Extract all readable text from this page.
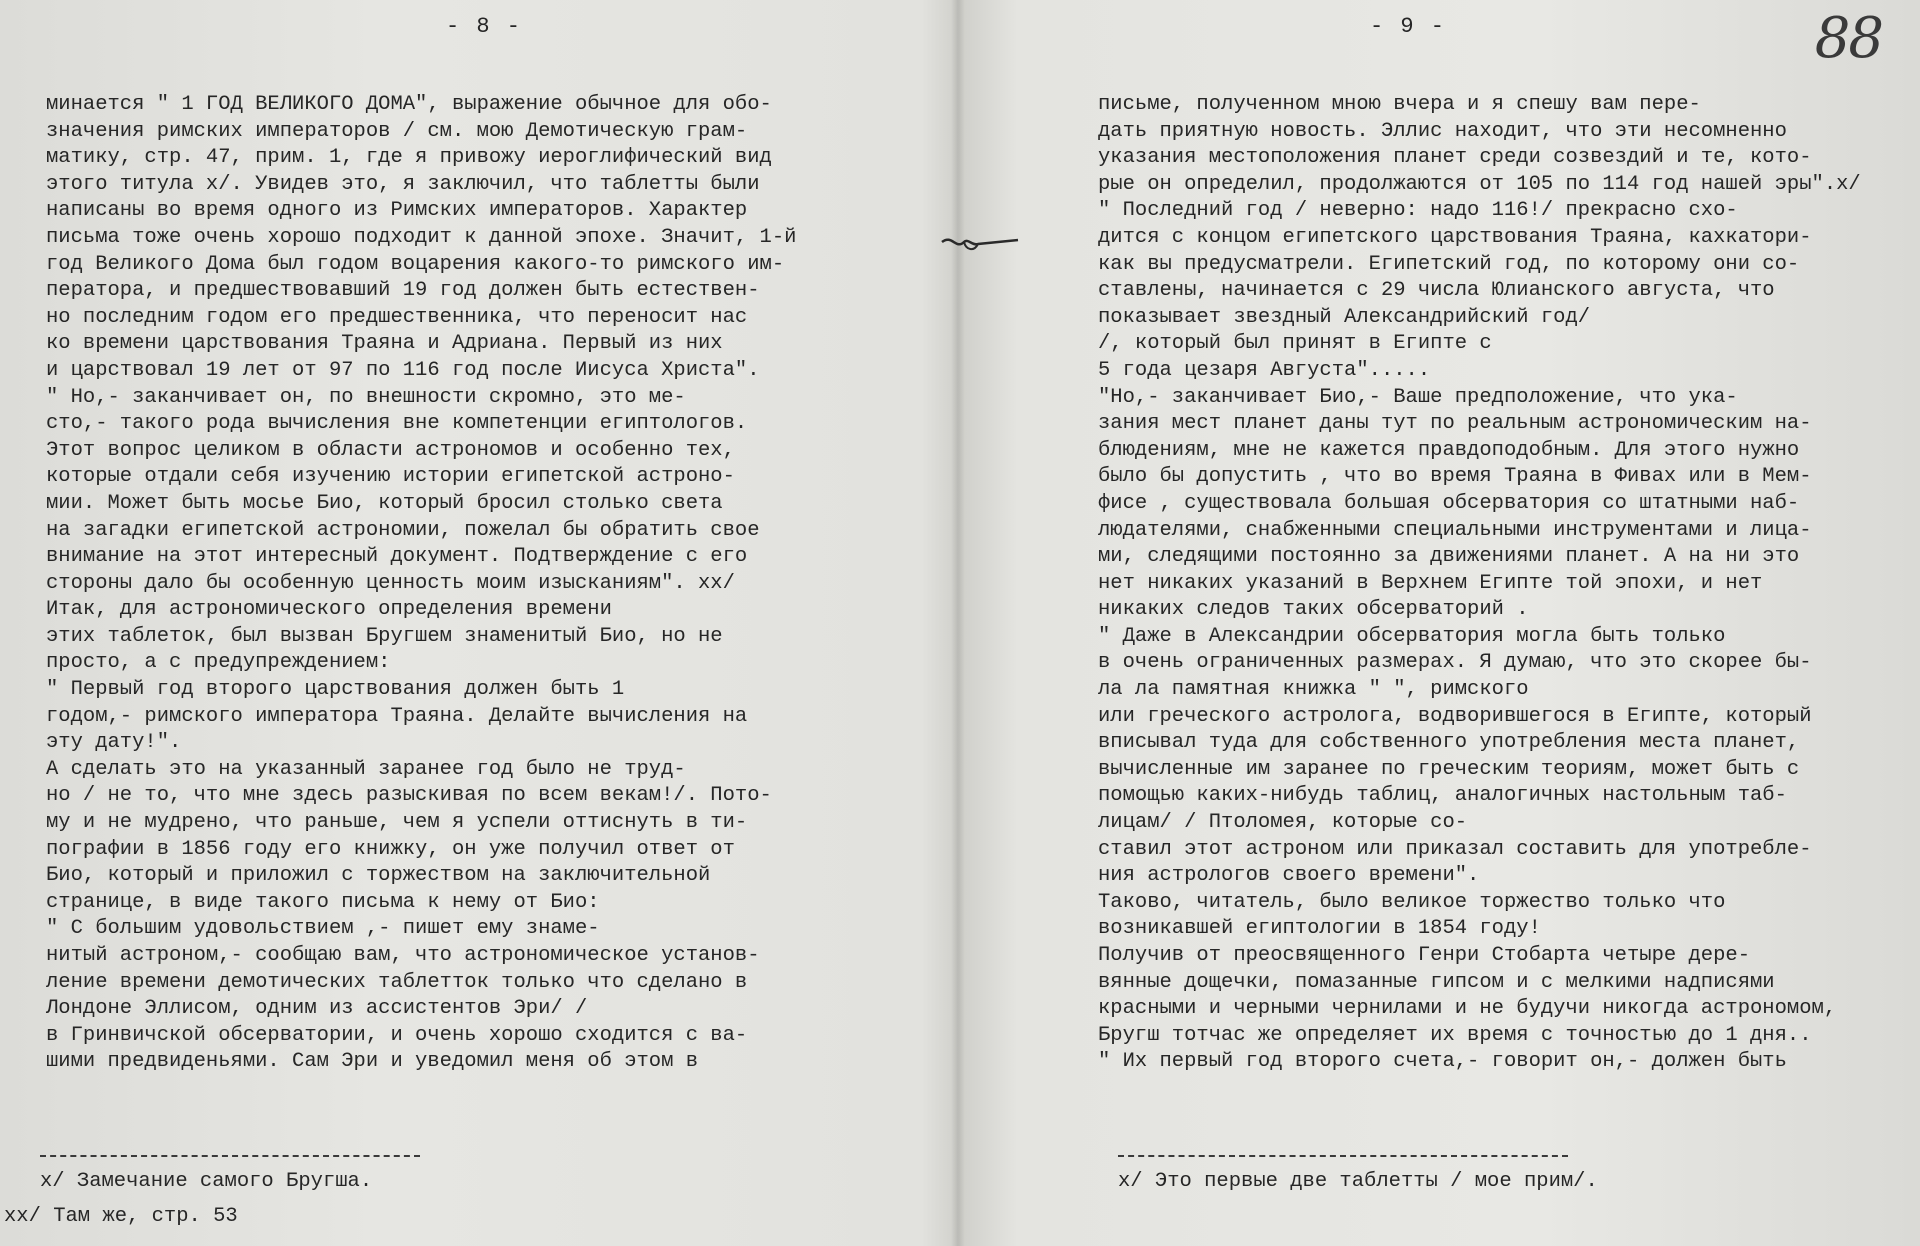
- 8 -
минается " 1 ГОД ВЕЛИКОГО ДОМА", выражение обычное для обо-
значения римских императоров / см. мою Демотическую грам-
матику, стр. 47, прим. 1, где я привожу иероглифический вид
этого титула x/. Увидев это, я заключил, что таблетты были
написаны во время одного из Римских императоров. Характер
письма тоже очень хорошо подходит к данной эпохе. Значит, 1-й
год Великого Дома был годом воцарения какого-то римского им-
ператора, и предшествовавший 19 год должен быть естествен-
но последним годом его предшественника, что переносит нас
ко времени царствования Траяна и Адриана. Первый из них
и царствовал 19 лет от 97 по 116 год после Иисуса Христа".
" Но,- заканчивает он, по внешности скромно, это ме-
сто,- такого рода вычисления вне компетенции египтологов.
Этот вопрос целиком в области астрономов и особенно тех,
которые отдали себя изучению истории египетской астроно-
мии. Может быть мосье Био, который бросил столько света
на загадки египетской астрономии, пожелал бы обратить свое
внимание на этот интересный документ. Подтверждение с его
стороны дало бы особенную ценность моим изысканиям". xx/
Итак, для астрономического определения времени
этих таблеток, был вызван Бругшем знаменитый Био, но не
просто, а с предупреждением:
" Первый год второго царствования должен быть 1
годом,- римского императора Траяна. Делайте вычисления на
эту дату!".
А сделать это на указанный заранее год было не труд-
но / не то, что мне здесь разыскивая по всем векам!/. Пото-
му и не мудрено, что раньше, чем я успели оттиснуть в ти-
пографии в 1856 году его книжку, он уже получил ответ от
Био, который и приложил с торжеством на заключительной
странице, в виде такого письма к нему от Био:
" С большим удовольствием ,- пишет ему знаме-
нитый астроном,- сообщаю вам, что астрономическое установ-
ление времени демотических таблетток только что сделано в
Лондоне Эллисом, одним из ассистентов Эри/ /
в Гринвичской обсерватории, и очень хорошо сходится с ва-
шими предвиденьями. Сам Эри и уведомил меня об этом в
x/ Замечание самого Бругша.
xx/ Там же, стр. 53
- 9 -	88
письме, полученном мною вчера и я спешу вам пере-
дать приятную новость. Эллис находит, что эти несомненно
указания местоположения планет среди созвездий и те, кото-
рые он определил, продолжаются от 105 по 114 год нашей эры".x/
" Последний год / неверно: надо 116!/ прекрасно схо-
дится с концом египетского царствования Траяна, кахкатори-
как вы предусматрели. Египетский год, по которому они со-
ставлены, начинается с 29 числа Юлианского августа, что
показывает звездный Александрийский год/
/, который был принят в Египте с
5 года цезаря Августа".....
"Но,- заканчивает Био,- Ваше предположение, что ука-
зания мест планет даны тут по реальным астрономическим на-
блюдениям, мне не кажется правдоподобным. Для этого нужно
было бы допустить , что во время Траяна в Фивах или в Мем-
фисе , существовала большая обсерватория со штатными наб-
людателями, снабженными специальными инструментами и лица-
ми, следящими постоянно за движениями планет. А на ни это
нет никаких указаний в Верхнем Египте той эпохи, и нет
никаких следов таких обсерваторий .
" Даже в Александрии обсерватория могла быть только
в очень ограниченных размерах. Я думаю, что это скорее бы-
ла ла памятная книжка " ", римского
или греческого астролога, водворившегося в Египте, который
вписывал туда для собственного употребления места планет,
вычисленные им заранее по греческим теориям, может быть с
помощью каких-нибудь таблиц, аналогичных настольным таб-
лицам/ / Птоломея, которые со-
ставил этот астроном или приказал составить для употребле-
ния астрологов своего времени".
Таково, читатель, было великое торжество только что
возникавшей египтологии в 1854 году!
Получив от преосвященного Генри Стобарта четыре дере-
вянные дощечки, помазанные гипсом и с мелкими надписями
красными и черными чернилами и не будучи никогда астрономом,
Бругш тотчас же определяет их время с точностью до 1 дня..
" Их первый год второго счета,- говорит он,- должен быть
x/ Это первые две таблетты / мое прим/.
